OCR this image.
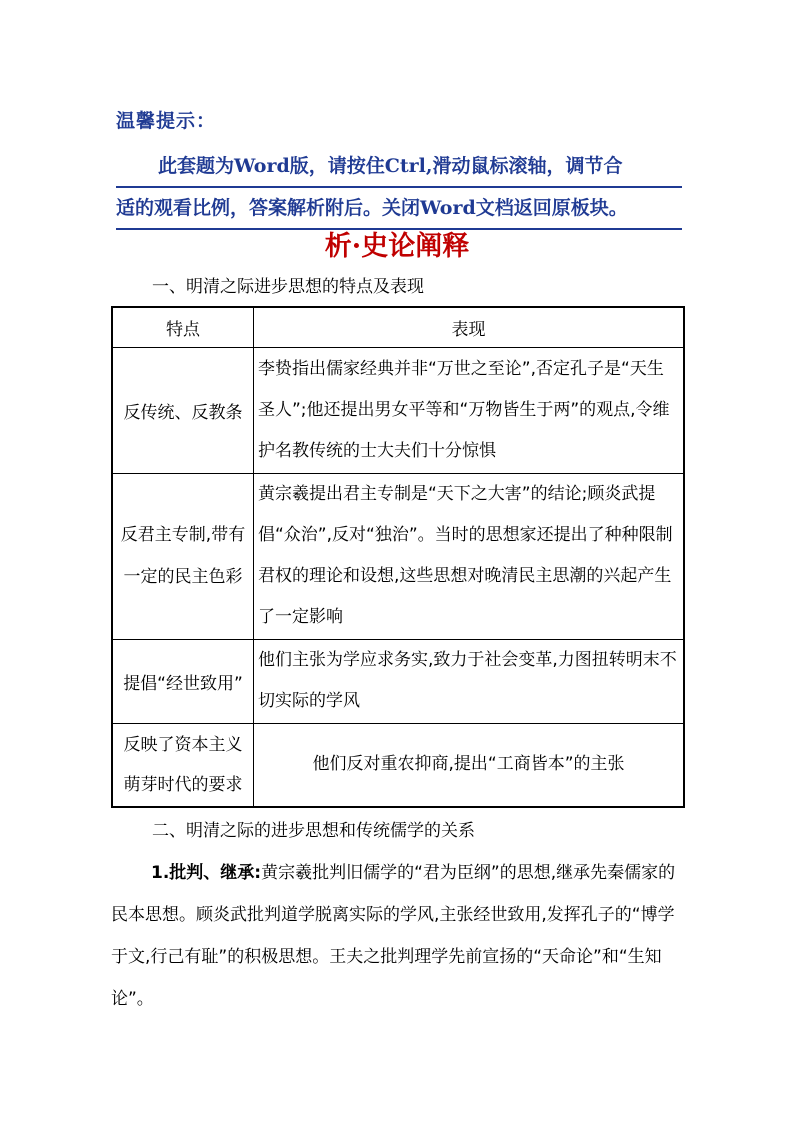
温馨提示：
此套题为Word版，请按住Ctrl,滑动鼠标滚轴，调节合
适的观看比例，答案解析附后。关闭Word文档返回原板块。
析·史论阐释
一、明清之际进步思想的特点及表现
特点	表现
反传统、反教条	李贽指出儒家经典并非“万世之至论”,否定孔子是“天生圣人”;他还提出男女平等和“万物皆生于两”的观点,令维护名教传统的士大夫们十分惊惧
反君主专制,带有一定的民主色彩	黄宗羲提出君主专制是“天下之大害”的结论;顾炎武提倡“众治”,反对“独治”。当时的思想家还提出了种种限制君权的理论和设想,这些思想对晚清民主思潮的兴起产生了一定影响
提倡“经世致用”	他们主张为学应求务实,致力于社会变革,力图扭转明末不切实际的学风
反映了资本主义萌芽时代的要求	他们反对重农抑商,提出“工商皆本”的主张
二、明清之际的进步思想和传统儒学的关系
1.批判、继承:黄宗羲批判旧儒学的“君为臣纲”的思想,继承先秦儒家的民本思想。顾炎武批判道学脱离实际的学风,主张经世致用,发挥孔子的“博学于文,行己有耻”的积极思想。王夫之批判理学先前宣扬的“天命论”和“生知论”。
